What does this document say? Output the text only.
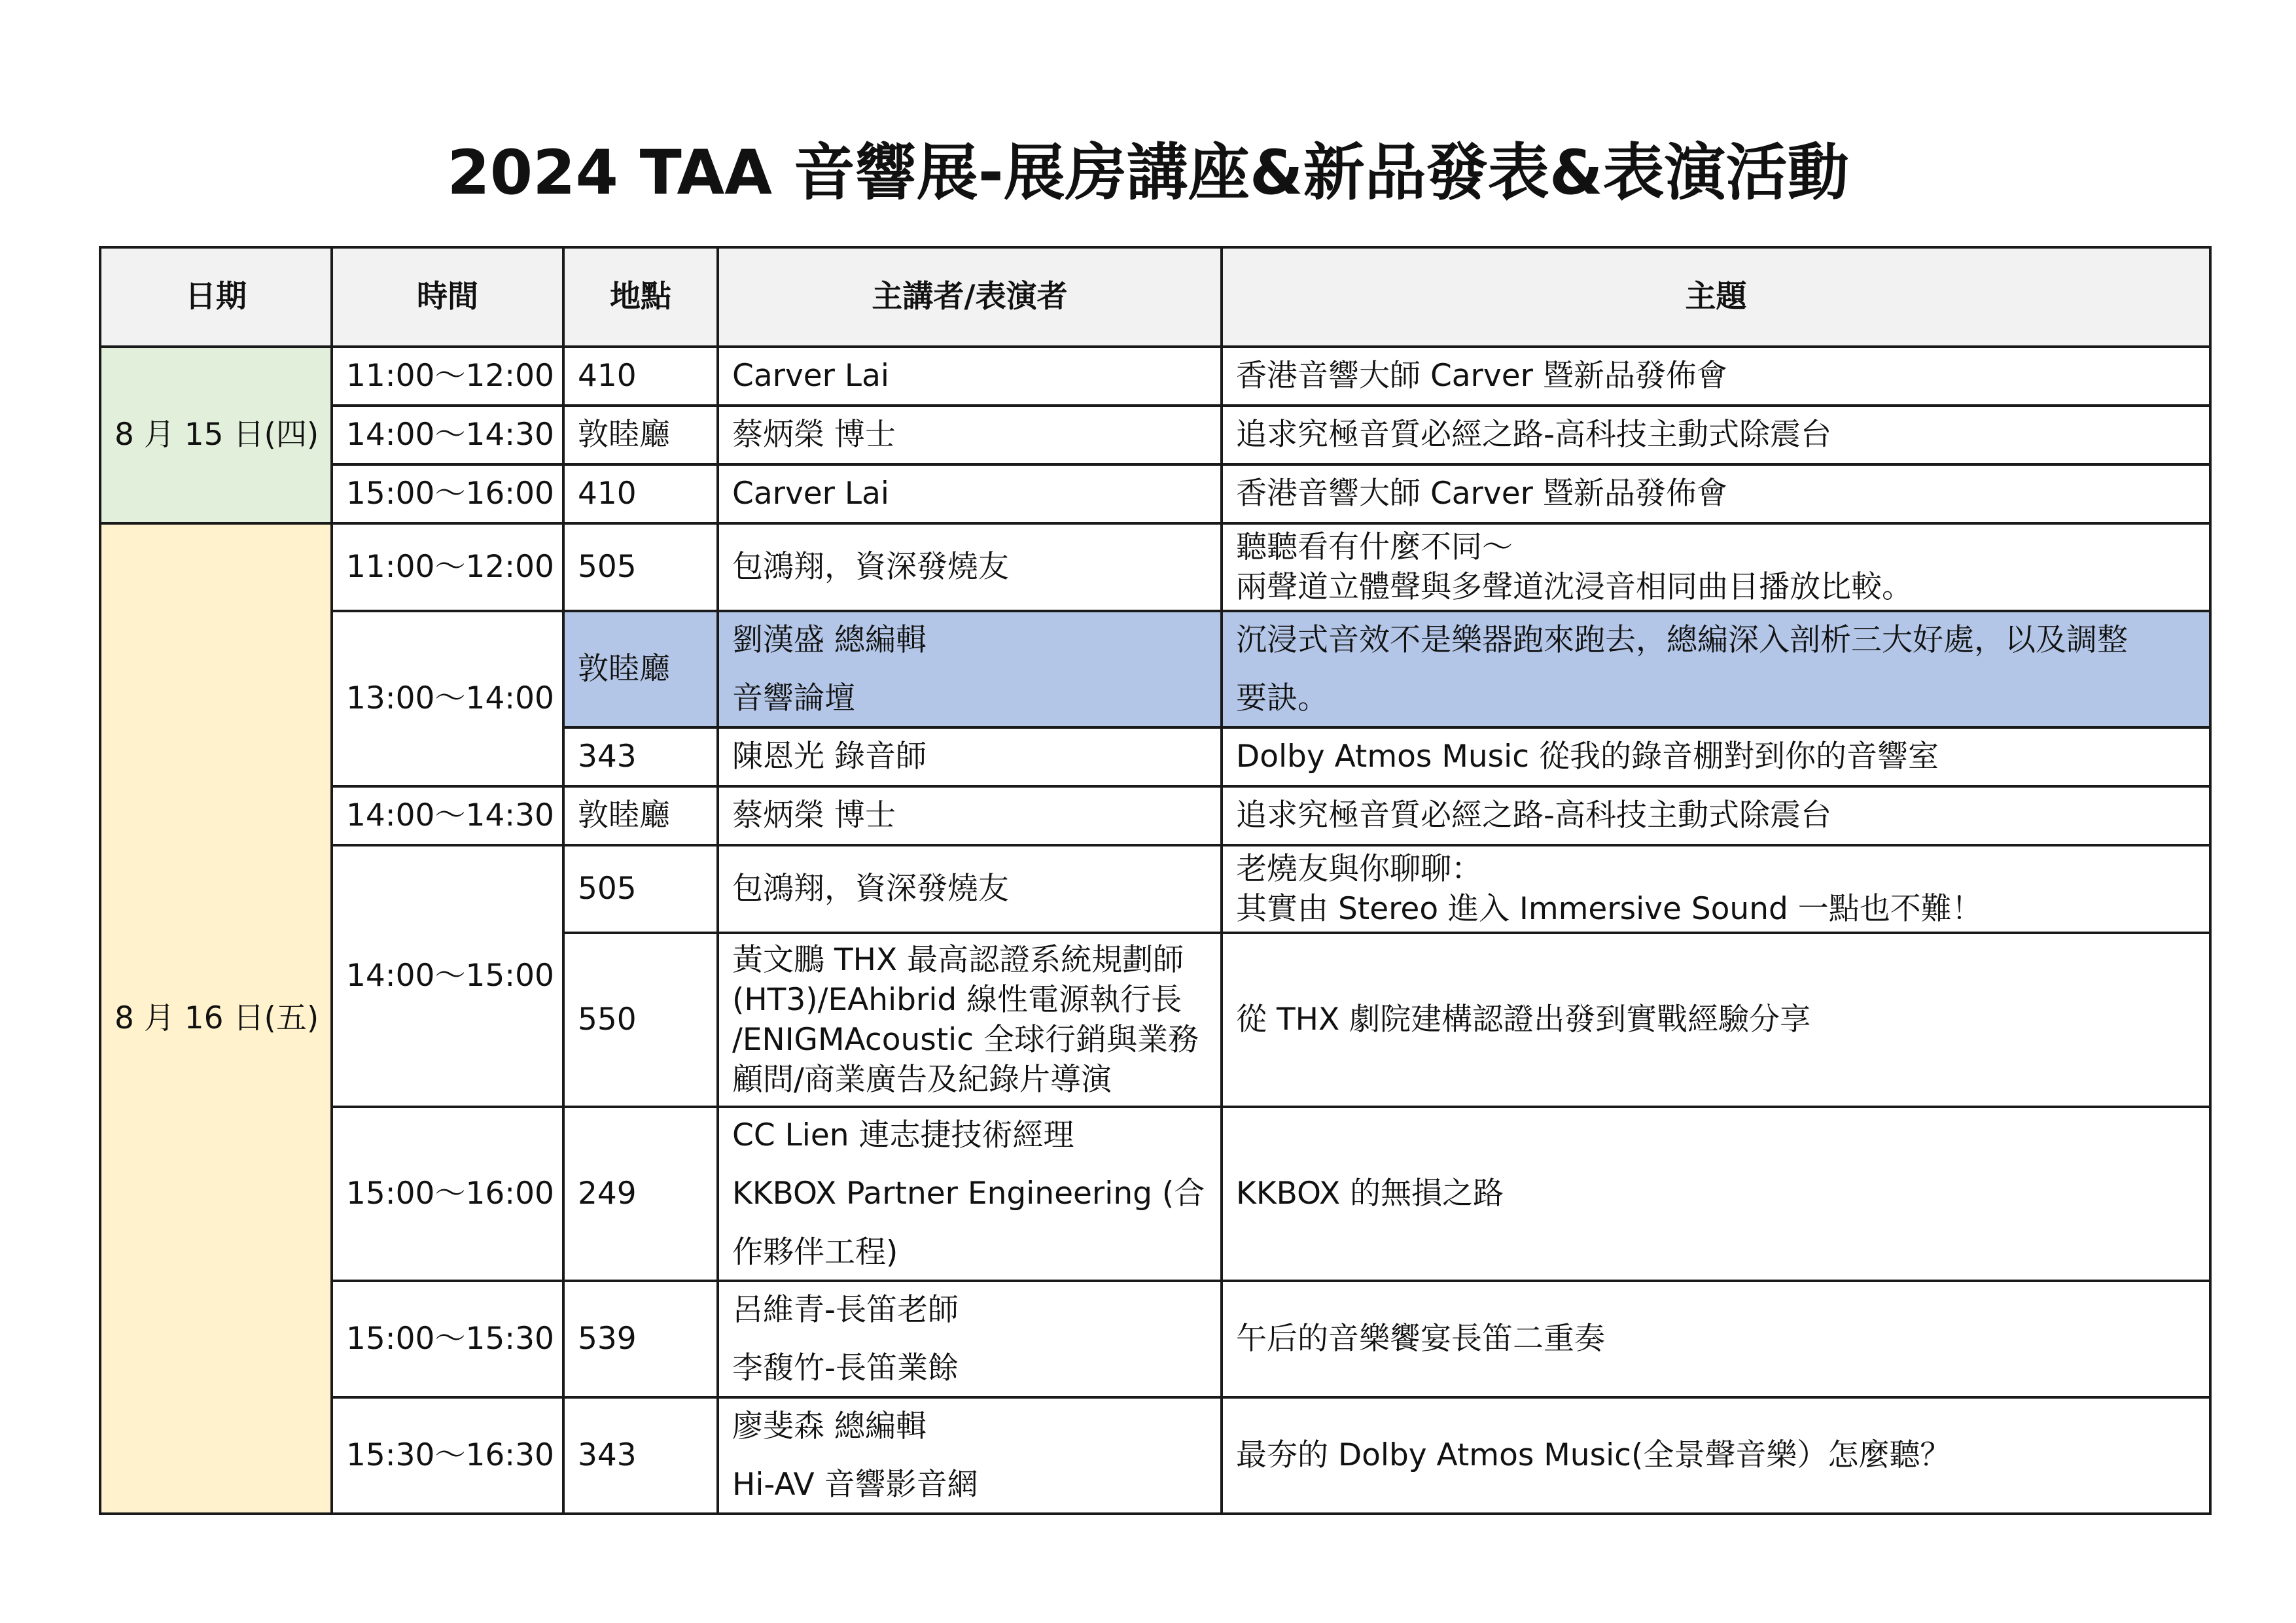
2024 TAA 音響展-展房講座&新品發表&表演活動
日期	時間	地點	主講者/表演者	主題
8 月 15 日(四)	11:00～12:00	410	Carver Lai	香港音響大師 Carver 暨新品發佈會
	14:00～14:30	敦睦廳	蔡炳榮 博士	追求究極音質必經之路-高科技主動式除震台
	15:00～16:00	410	Carver Lai	香港音響大師 Carver 暨新品發佈會
8 月 16 日(五)	11:00～12:00	505	包鴻翔，資深發燒友	聽聽看有什麼不同～
兩聲道立體聲與多聲道沈浸音相同曲目播放比較。

	13:00～14:00	敦睦廳	劉漢盛 總編輯
音響論壇	沉浸式音效不是樂器跑來跑去，總編深入剖析三大好處，以及調整
要訣。

		343	陳恩光 錄音師	Dolby Atmos Music 從我的錄音棚對到你的音響室
	14:00～14:30	敦睦廳	蔡炳榮 博士	追求究極音質必經之路-高科技主動式除震台
	14:00～15:00	505	包鴻翔，資深發燒友	老燒友與你聊聊：
其實由 Stereo 進入 Immersive Sound 一點也不難！

		550	黃文鵬 THX 最高認證系統規劃師
(HT3)/EAhibrid 線性電源執行長
/ENIGMAcoustic 全球行銷與業務
顧問/商業廣告及紀錄片導演	從 THX 劇院建構認證出發到實戰經驗分享
	15:00～16:00	249	CC Lien 連志捷技術經理
KKBOX Partner Engineering (合
作夥伴工程)	KKBOX 的無損之路
	15:00～15:30	539	呂維青-長笛老師
李馥竹-長笛業餘	午后的音樂饗宴長笛二重奏
	15:30～16:30	343	廖斐森 總編輯
Hi-AV 音響影音網	最夯的 Dolby Atmos Music(全景聲音樂）怎麼聽？
